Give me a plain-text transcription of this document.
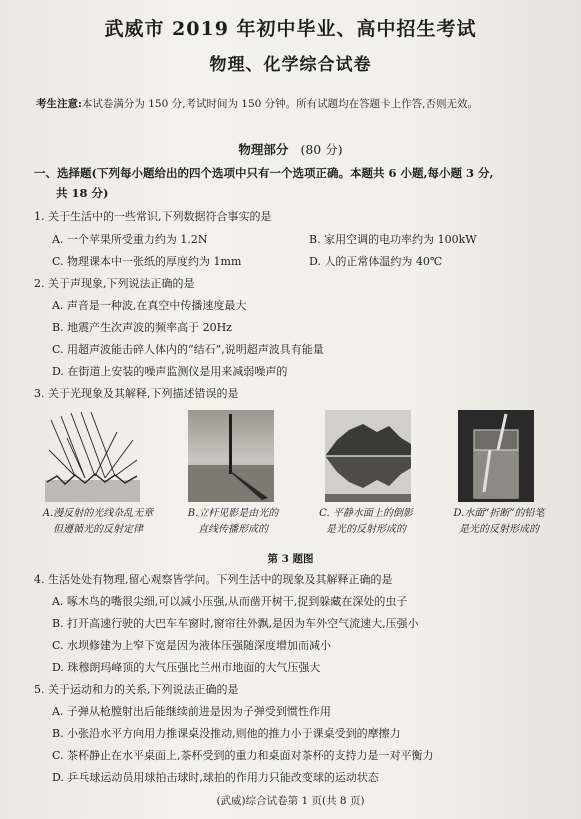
武威市 2019 年初中毕业、高中招生考试
物理、化学综合试卷
考生注意:本试卷满分为 150 分,考试时间为 150 分钟。所有试题均在答题卡上作答,否则无效。
物理部分 (80 分)
一、选择题(下列每小题给出的四个选项中只有一个选项正确。本题共 6 小题,每小题 3 分,
共 18 分)
1. 关于生活中的一些常识,下列数据符合事实的是
A. 一个苹果所受重力约为 1.2N	B. 家用空调的电功率约为 100kW
C. 物理课本中一张纸的厚度约为 1mm	D. 人的正常体温约为 40℃
2. 关于声现象,下列说法正确的是
A. 声音是一种波,在真空中传播速度最大
B. 地震产生次声波的频率高于 20Hz
C. 用超声波能击碎人体内的“结石”,说明超声波具有能量
D. 在街道上安装的噪声监测仪是用来减弱噪声的
3. 关于光现象及其解释,下列描述错误的是
A.漫反射的光线杂乱无章
但遵循光的反射定律
B.立杆见影是由光的
直线传播形成的
C. 平静水面上的倒影
是光的反射形成的
D.水面“折断”的铅笔
是光的反射形成的
第 3 题图
4. 生活处处有物理,留心观察皆学问。下列生活中的现象及其解释正确的是
A. 啄木鸟的嘴很尖细,可以减小压强,从而凿开树干,捉到躲藏在深处的虫子
B. 打开高速行驶的大巴车车窗时,窗帘往外飘,是因为车外空气流速大,压强小
C. 水坝修建为上窄下宽是因为液体压强随深度增加而减小
D. 珠穆朗玛峰顶的大气压强比兰州市地面的大气压强大
5. 关于运动和力的关系,下列说法正确的是
A. 子弹从枪膛射出后能继续前进是因为子弹受到惯性作用
B. 小张沿水平方向用力推课桌没推动,则他的推力小于课桌受到的摩擦力
C. 茶杯静止在水平桌面上,茶杯受到的重力和桌面对茶杯的支持力是一对平衡力
D. 乒乓球运动员用球拍击球时,球拍的作用力只能改变球的运动状态
(武威)综合试卷第 1 页(共 8 页)
